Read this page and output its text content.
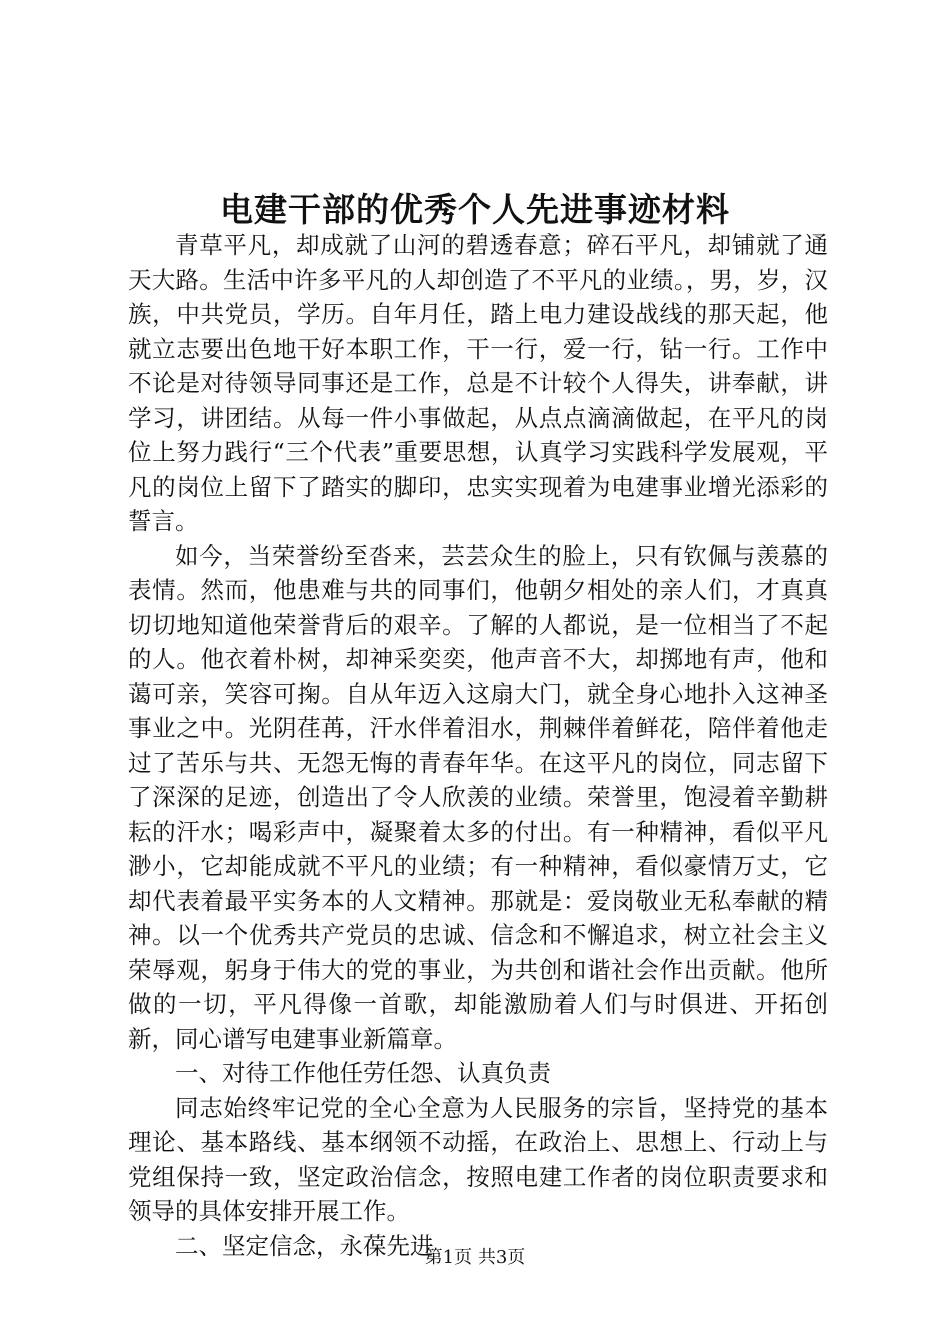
电建干部的优秀个人先进事迹材料

青草平凡，却成就了山河的碧透春意；碎石平凡，却铺就了通天大路。生活中许多平凡的人却创造了不平凡的业绩。，男，岁，汉族，中共党员，学历。自年月任，踏上电力建设战线的那天起，他就立志要出色地干好本职工作，干一行，爱一行，钻一行。工作中不论是对待领导同事还是工作，总是不计较个人得失，讲奉献，讲学习，讲团结。从每一件小事做起，从点点滴滴做起，在平凡的岗位上努力践行“三个代表”重要思想，认真学习实践科学发展观，平凡的岗位上留下了踏实的脚印，忠实实现着为电建事业增光添彩的誓言。

如今，当荣誉纷至沓来，芸芸众生的脸上，只有钦佩与羡慕的表情。然而，他患难与共的同事们，他朝夕相处的亲人们，才真真切切地知道他荣誉背后的艰辛。了解的人都说，是一位相当了不起的人。他衣着朴树，却神采奕奕，他声音不大，却掷地有声，他和蔼可亲，笑容可掬。自从年迈入这扇大门，就全身心地扑入这神圣事业之中。光阴荏苒，汗水伴着泪水，荆棘伴着鲜花，陪伴着他走过了苦乐与共、无怨无悔的青春年华。在这平凡的岗位，同志留下了深深的足迹，创造出了令人欣羡的业绩。荣誉里，饱浸着辛勤耕耘的汗水；喝彩声中，凝聚着太多的付出。有一种精神，看似平凡渺小，它却能成就不平凡的业绩；有一种精神，看似豪情万丈，它却代表着最平实务本的人文精神。那就是：爱岗敬业无私奉献的精神。以一个优秀共产党员的忠诚、信念和不懈追求，树立社会主义荣辱观，躬身于伟大的党的事业，为共创和谐社会作出贡献。他所做的一切，平凡得像一首歌，却能激励着人们与时俱进、开拓创新，同心谱写电建事业新篇章。

一、对待工作他任劳任怨、认真负责

同志始终牢记党的全心全意为人民服务的宗旨，坚持党的基本理论、基本路线、基本纲领不动摇，在政治上、思想上、行动上与党组保持一致，坚定政治信念，按照电建工作者的岗位职责要求和领导的具体安排开展工作。

二、坚定信念，永葆先进

第1页 共3页
